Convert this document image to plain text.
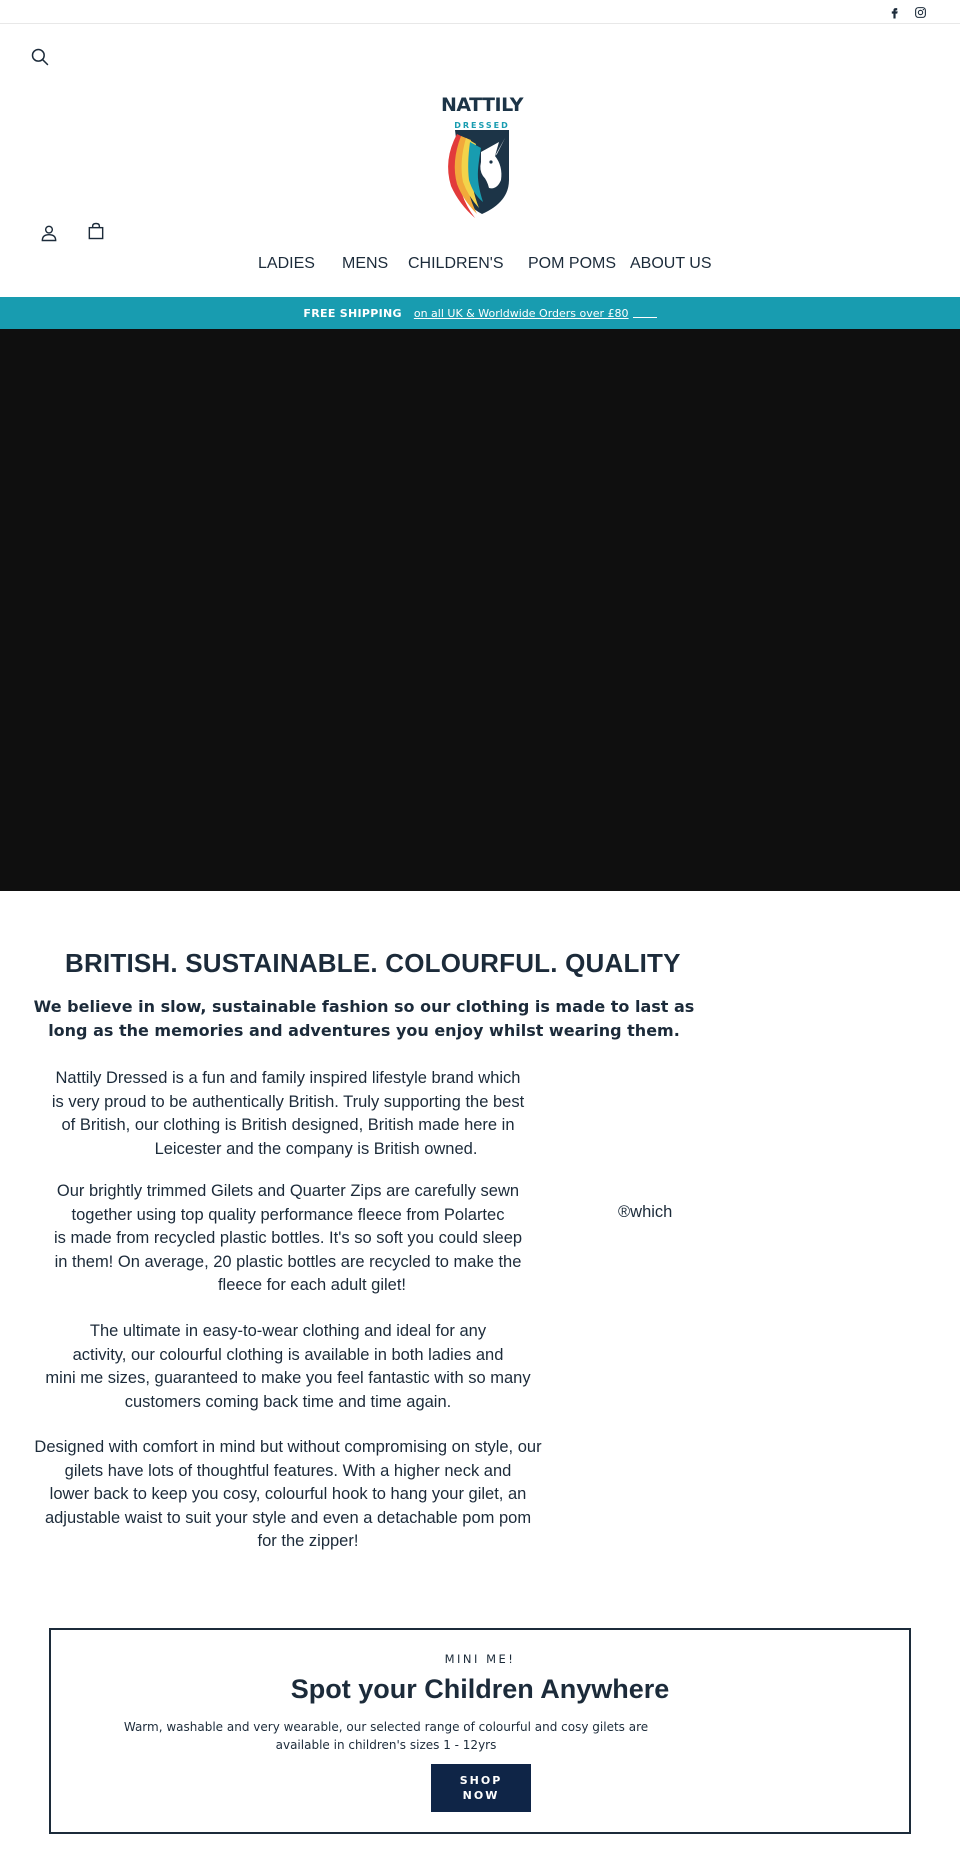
DRESSED
NATTILY
LADIES MENS CHILDREN'S POM POMS ABOUT US
FREE SHIPPING on all UK & Worldwide Orders over £80
BRITISH. SUSTAINABLE. COLOURFUL. QUALITY

We believe in slow, sustainable fashion so our clothing is made to last as long as the memories and adventures you enjoy whilst wearing them.

Nattily Dressed is a fun and family inspired lifestyle brand which
is very proud to be authentically British. Truly supporting the best
of British, our clothing is British designed, British made here in
Leicester and the company is British owned.
Our brightly trimmed Gilets and Quarter Zips are carefully sewn
together using top quality performance fleece from Polartec
is made from recycled plastic bottles. It's so soft you could sleep
in them! On average, 20 plastic bottles are recycled to make the
fleece for each adult gilet!
®which
The ultimate in easy-to-wear clothing and ideal for any
activity, our colourful clothing is available in both ladies and
mini me sizes, guaranteed to make you feel fantastic with so many
customers coming back time and time again.
Designed with comfort in mind but without compromising on style, our
gilets have lots of thoughtful features. With a higher neck and
lower back to keep you cosy, colourful hook to hang your gilet, an
adjustable waist to suit your style and even a detachable pom pom
for the zipper!
MINI ME!
Spot your Children Anywhere

Warm, washable and very wearable, our selected range of colourful and cosy gilets are available in children's sizes 1 - 12yrs

SHOP NOW
